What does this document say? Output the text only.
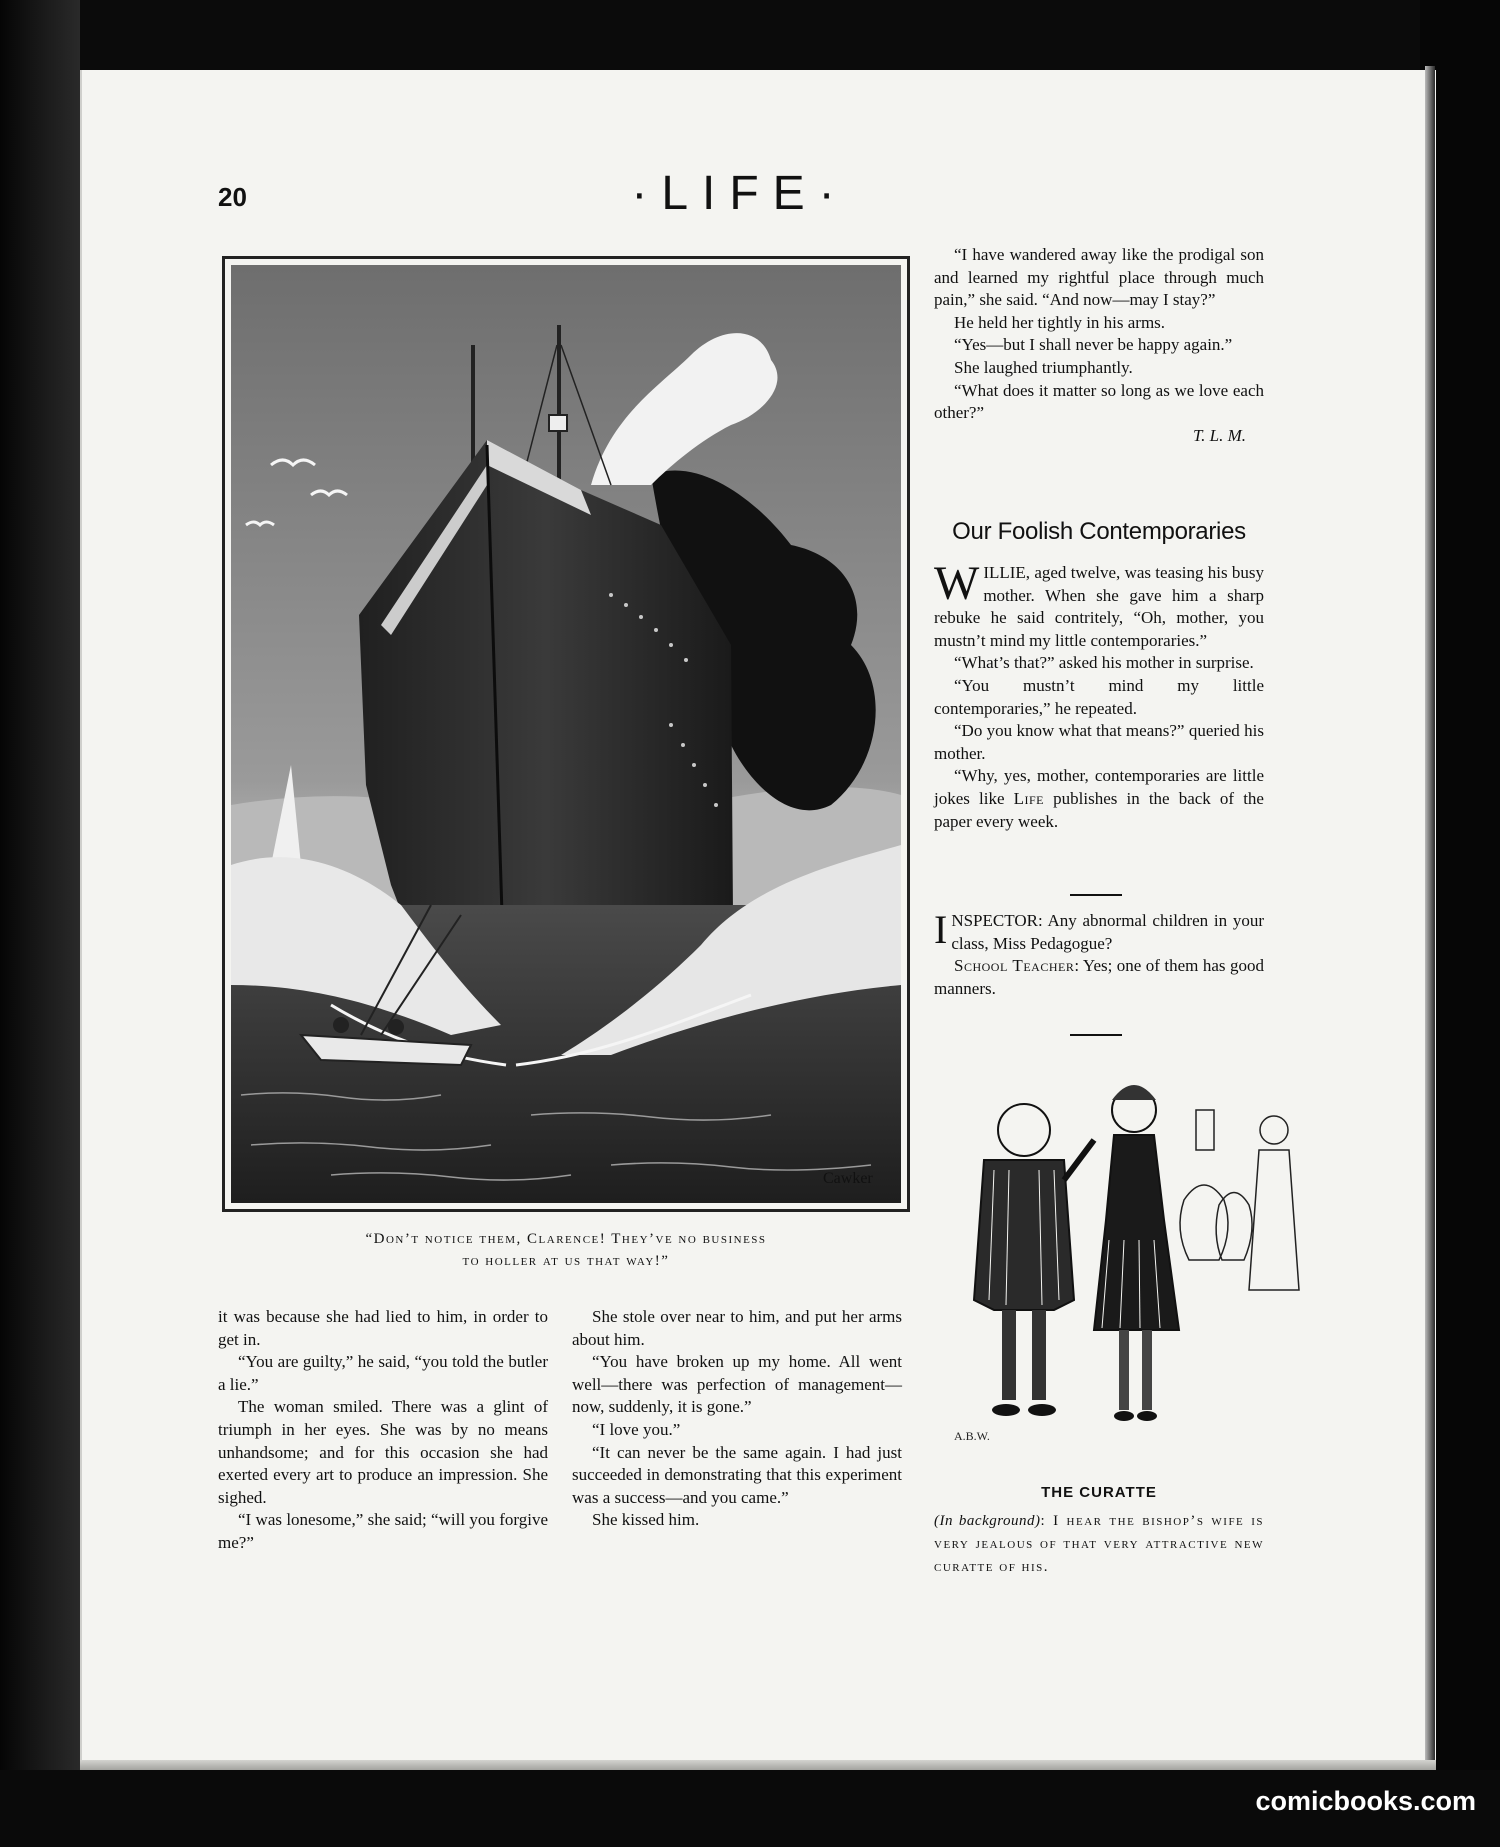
20	·LIFE·
Cawker
“Don’t notice them, Clarence! They’ve no business
to holler at us that way!”

it was because she had lied to him, in order to get in.

“You are guilty,” he said, “you told the butler a lie.”

The woman smiled. There was a glint of triumph in her eyes. She was by no means unhandsome; and for this occasion she had exerted every art to produce an impression. She sighed.

“I was lonesome,” she said; “will you forgive me?”

She stole over near to him, and put her arms about him.

“You have broken up my home. All went well—there was perfection of management—now, suddenly, it is gone.”

“I love you.”

“It can never be the same again. I had just succeeded in demonstrating that this experiment was a success—and you came.”

She kissed him.

“I have wandered away like the prodigal son and learned my rightful place through much pain,” she said. “And now—may I stay?”

He held her tightly in his arms.

“Yes—but I shall never be happy again.”

She laughed triumphantly.

“What does it matter so long as we love each other?”

T. L. M.

Our Foolish Contemporaries

WILLIE, aged twelve, was teasing his busy mother. When she gave him a sharp rebuke he said contritely, “Oh, mother, you mustn’t mind my little contemporaries.”

“What’s that?” asked his mother in surprise.

“You mustn’t mind my little contemporaries,” he repeated.

“Do you know what that means?” queried his mother.

“Why, yes, mother, contemporaries are little jokes like Life publishes in the back of the paper every week.

INSPECTOR: Any abnormal children in your class, Miss Pedagogue?

School Teacher: Yes; one of them has good manners.

A.B.W.
THE CURATTE
(In background): I hear the bishop’s wife is very jealous of that very attractive new curatte of his.
comicbooks.com
